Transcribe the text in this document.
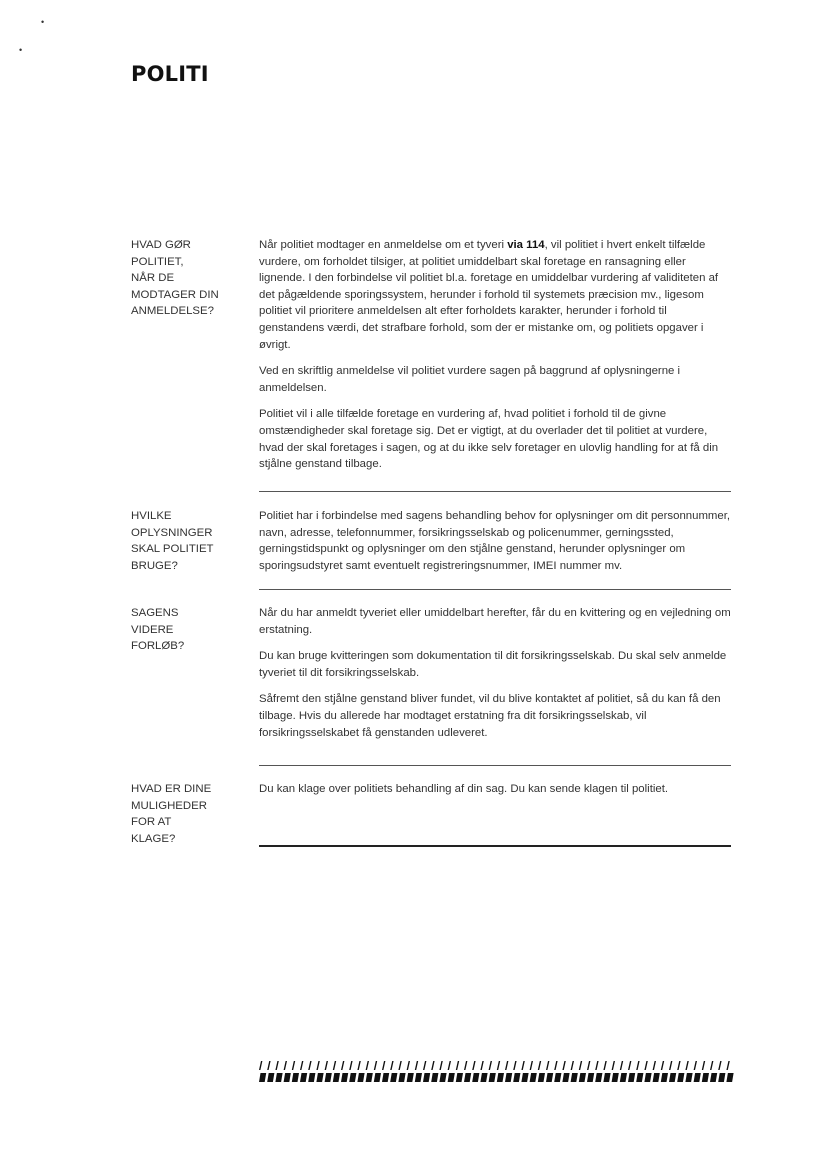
•
•
POLITI
HVAD GØR
POLITIET,
NÅR DE
MODTAGER DIN
ANMELDELSE?

Når politiet modtager en anmeldelse om et tyveri via 114, vil politiet i hvert enkelt tilfælde vurdere, om forholdet tilsiger, at politiet umiddelbart skal foretage en ransagning eller lignende. I den forbindelse vil politiet bl.a. foretage en umiddelbar vurdering af validiteten af det pågældende sporingssystem, herunder i forhold til systemets præcision mv., ligesom politiet vil prioritere anmeldelsen alt efter forholdets karakter, herunder i forhold til genstandens værdi, det strafbare forhold, som der er mistanke om, og politiets opgaver i øvrigt.

Ved en skriftlig anmeldelse vil politiet vurdere sagen på baggrund af oplysningerne i anmeldelsen.

Politiet vil i alle tilfælde foretage en vurdering af, hvad politiet i forhold til de givne omstændigheder skal foretage sig. Det er vigtigt, at du overlader det til politiet at vurdere, hvad der skal foretages i sagen, og at du ikke selv foretager en ulovlig handling for at få din stjålne genstand tilbage.

HVILKE
OPLYSNINGER
SKAL POLITIET
BRUGE?

Politiet har i forbindelse med sagens behandling behov for oplysninger om dit personnummer, navn, adresse, telefonnummer, forsikringsselskab og policenummer, gerningssted, gerningstidspunkt og oplysninger om den stjålne genstand, herunder oplysninger om sporingsudstyret samt eventuelt registreringsnummer, IMEI nummer mv.

SAGENS
VIDERE
FORLØB?

Når du har anmeldt tyveriet eller umiddelbart herefter, får du en kvittering og en vejledning om erstatning.

Du kan bruge kvitteringen som dokumentation til dit forsikringsselskab. Du skal selv anmelde tyveriet til dit forsikringsselskab.

Såfremt den stjålne genstand bliver fundet, vil du blive kontaktet af politiet, så du kan få den tilbage. Hvis du allerede har modtaget erstatning fra dit forsikringsselskab, vil forsikringsselskabet få genstanden udleveret.

HVAD ER DINE
MULIGHEDER
FOR AT
KLAGE?

Du kan klage over politiets behandling af din sag. Du kan sende klagen til politiet.
